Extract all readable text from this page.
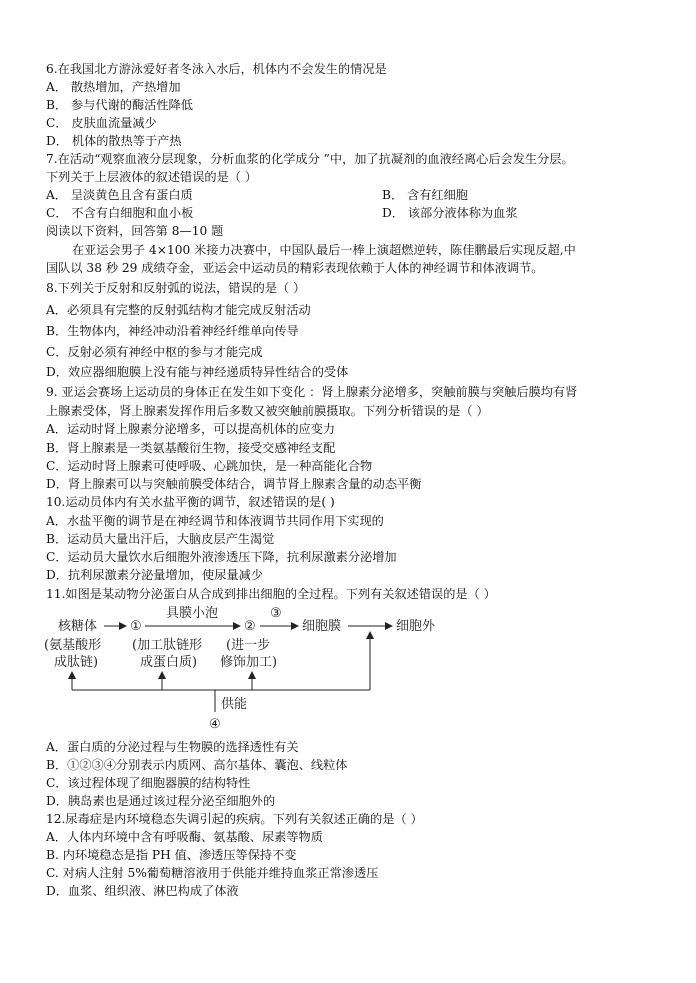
6.在我国北方游泳爱好者冬泳入水后，机体内不会发生的情况是
A． 散热增加，产热增加
B． 参与代谢的酶活性降低
C． 皮肤血流量减少
D． 机体的散热等于产热
7.在活动“观察血液分层现象，分析血浆的化学成分 ”中，加了抗凝剂的血液经离心后会发生分层。
下列关于上层液体的叙述错误的是（ ）
A． 呈淡黄色且含有蛋白质	B． 含有红细胞
C． 不含有白细胞和血小板	D． 该部分液体称为血浆
阅读以下资料，回答第 8—10 题
在亚运会男子 4×100 米接力决赛中，中国队最后一棒上演超燃逆转，陈佳鹏最后实现反超,中
国队以 38 秒 29 成绩夺金，亚运会中运动员的精彩表现依赖于人体的神经调节和体液调节。
8.下列关于反射和反射弧的说法，错误的是（ ）
A．必须具有完整的反射弧结构才能完成反射活动
B．生物体内，神经冲动沿着神经纤维单向传导
C．反射必须有神经中枢的参与才能完成
D．效应器细胞膜上没有能与神经递质特异性结合的受体
9. 亚运会赛场上运动员的身体正在发生如下变化 ：肾上腺素分泌增多，突触前膜与突触后膜均有肾
上腺素受体，肾上腺素发挥作用后多数又被突触前膜摄取。下列分析错误的是（ ）
A．运动时肾上腺素分泌增多，可以提高机体的应变力
B．肾上腺素是一类氨基酸衍生物，接受交感神经支配
C．运动时肾上腺素可使呼吸、心跳加快，是一种高能化合物
D．肾上腺素可以与突触前膜受体结合，调节肾上腺素含量的动态平衡
10.运动员体内有关水盐平衡的调节，叙述错误的是( )
A．水盐平衡的调节是在神经调节和体液调节共同作用下实现的
B．运动员大量出汗后，大脑皮层产生渴觉
C．运动员大量饮水后细胞外液渗透压下降，抗利尿激素分泌增加
D．抗利尿激素分泌量增加，使尿量减少
11.如图是某动物分泌蛋白从合成到排出细胞的全过程。下列有关叙述错误的是（ ）
核糖体	①
具膜小泡
②
③
细胞膜	细胞外
(氨基酸形
成肽链)
(加工肽链形
成蛋白质)
(进一步
修饰加工)
供能
④
A．蛋白质的分泌过程与生物膜的选择透性有关
B．①②③④分别表示内质网、高尔基体、囊泡、线粒体
C．该过程体现了细胞器膜的结构特性
D．胰岛素也是通过该过程分泌至细胞外的
12.尿毒症是内环境稳态失调引起的疾病。下列有关叙述正确的是（ ）
A．人体内环境中含有呼吸酶、氨基酸、尿素等物质
B. 内环境稳态是指 PH 值、渗透压等保持不变
C. 对病人注射 5%葡萄糖溶液用于供能并维持血浆正常渗透压
D．血浆、组织液、淋巴构成了体液
